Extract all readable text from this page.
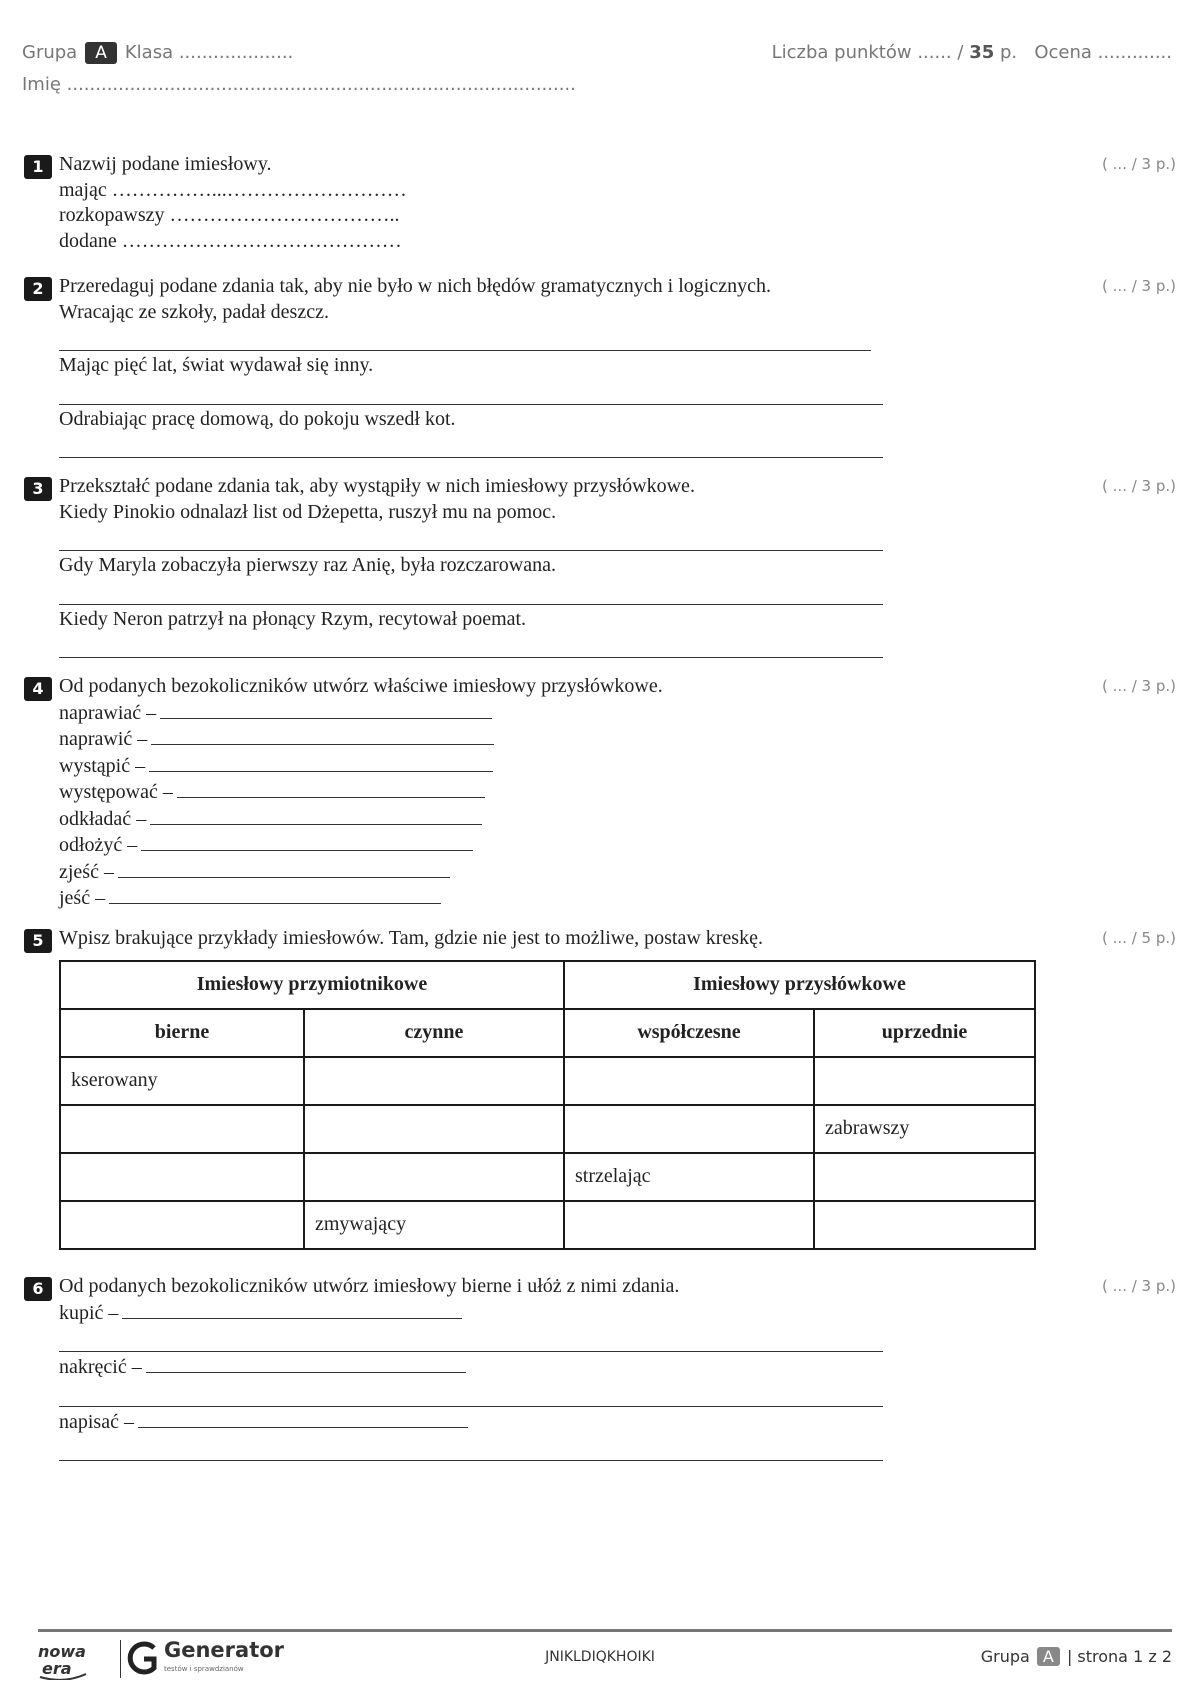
Grupa A Klasa ....................	Liczba punktów ...... / 35 p. Ocena .............
Imię .........................................................................................
1	( ... / 3 p.)
Nazwij podane imiesłowy.
mając ……………...………………………
rozkopawszy ……………………………..
dodane ……………………………………
2	( ... / 3 p.)
Przeredaguj podane zdania tak, aby nie było w nich błędów gramatycznych i logicznych.
Wracając ze szkoły, padał deszcz.
Mając pięć lat, świat wydawał się inny.
Odrabiając pracę domową, do pokoju wszedł kot.
3	( ... / 3 p.)
Przekształć podane zdania tak, aby wystąpiły w nich imiesłowy przysłówkowe.
Kiedy Pinokio odnalazł list od Dżepetta, ruszył mu na pomoc.
Gdy Maryla zobaczyła pierwszy raz Anię, była rozczarowana.
Kiedy Neron patrzył na płonący Rzym, recytował poemat.
4	( ... / 3 p.)
Od podanych bezokoliczników utwórz właściwe imiesłowy przysłówkowe.
naprawiać –
naprawić –
wystąpić –
występować –
odkładać –
odłożyć –
zjeść –
jeść –
5	( ... / 5 p.)
Wpisz brakujące przykłady imiesłowów. Tam, gdzie nie jest to możliwe, postaw kreskę.
Imiesłowy przymiotnikowe		Imiesłowy przysłówkowe	
bierne	czynne	współczesne	uprzednie
kserowany			
			zabrawszy
		strzelając	
	zmywający		
6	( ... / 3 p.)
Od podanych bezokoliczników utwórz imiesłowy bierne i ułóż z nimi zdania.
kupić –
nakręcić –
napisać –
nowa
era
Generator
testów i sprawdzianów
JNIKLDIQKHOIKI	Grupa A | strona 1 z 2
